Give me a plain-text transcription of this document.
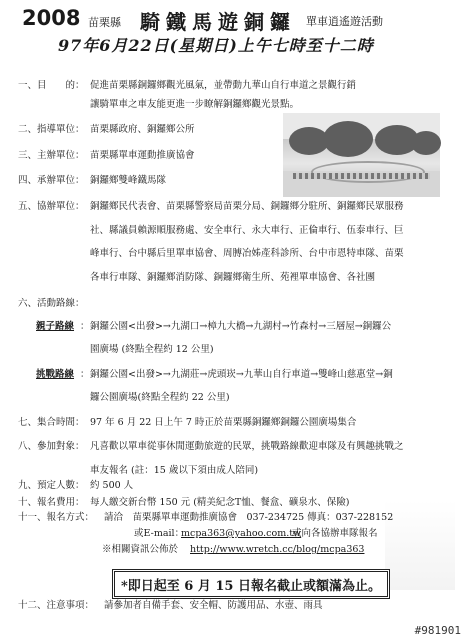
2008 苗栗縣 騎鐵馬遊銅鑼 單車逍遙遊活動
97年6月22日(星期日)上午七時至十二時
一、目　　的： 促進苗栗縣銅鑼鄉觀光風氣，並帶動九華山自行車道之景觀行銷
讓騎單車之車友能更進一步瞭解銅鑼鄉觀光景點。
二、指導單位： 苗栗縣政府、銅鑼鄉公所
三、主辦單位： 苗栗縣單車運動推廣協會
四、承辦單位： 銅鑼鄉雙峰鐵馬隊
五、協辦單位： 銅鑼鄉民代表會、苗栗縣警察局苗栗分局、銅鑼鄉分駐所、銅鑼鄉民眾服務
社、縣議員賴源順服務處、安全車行、永大車行、正倫車行、伍泰車行、巨
峰車行、台中縣后里單車協會、周膊冶姊產科診所、台中市恩特車隊、苗栗
各車行車隊、銅鑼鄉消防隊、銅鑼鄉衛生所、苑裡單車協會、各社團
六、活動路線：
親子路線 ： 銅鑼公園<出發>→九湖口→樟九大橋→九湖村→竹森村→三層屋→銅鑼公
園廣場 (終點全程約 12 公里)
挑戰路線 ： 銅鑼公園<出發>→九湖莊→虎頭崁→九華山自行車道→雙峰山慈惠堂→銅
鑼公園廣場(終點全程約 22 公里)
七、集合時間： 97 年 6 月 22 日上午 7 時正於苗栗縣銅鑼鄉銅鑼公園廣場集合
八、參加對象： 凡喜歡以單車從事休閒運動旅遊的民眾，挑戰路線歡迎車隊及有興趣挑戰之
車友報名 (註：15 歲以下須由成人陪同)
九、預定人數： 約 500 人
十、報名費用： 每人繳交新台幣 150 元 (精美紀念T恤、餐盒、礦泉水、保險)
十一、報名方式： 請洽　苗栗縣單車運動推廣協會　037-234725 傳真：037-228152
或E-mail：
mcpa363@yahoo.com.tw
或向各協辦車隊報名
※相關資訊公佈於 http://www.wretch.cc/blog/mcpa363
*即日起至 6 月 15 日報名截止或額滿為止。
十二、注意事項： 請參加者自備手套、安全帽、防護用品、水壺、雨具
#981901
